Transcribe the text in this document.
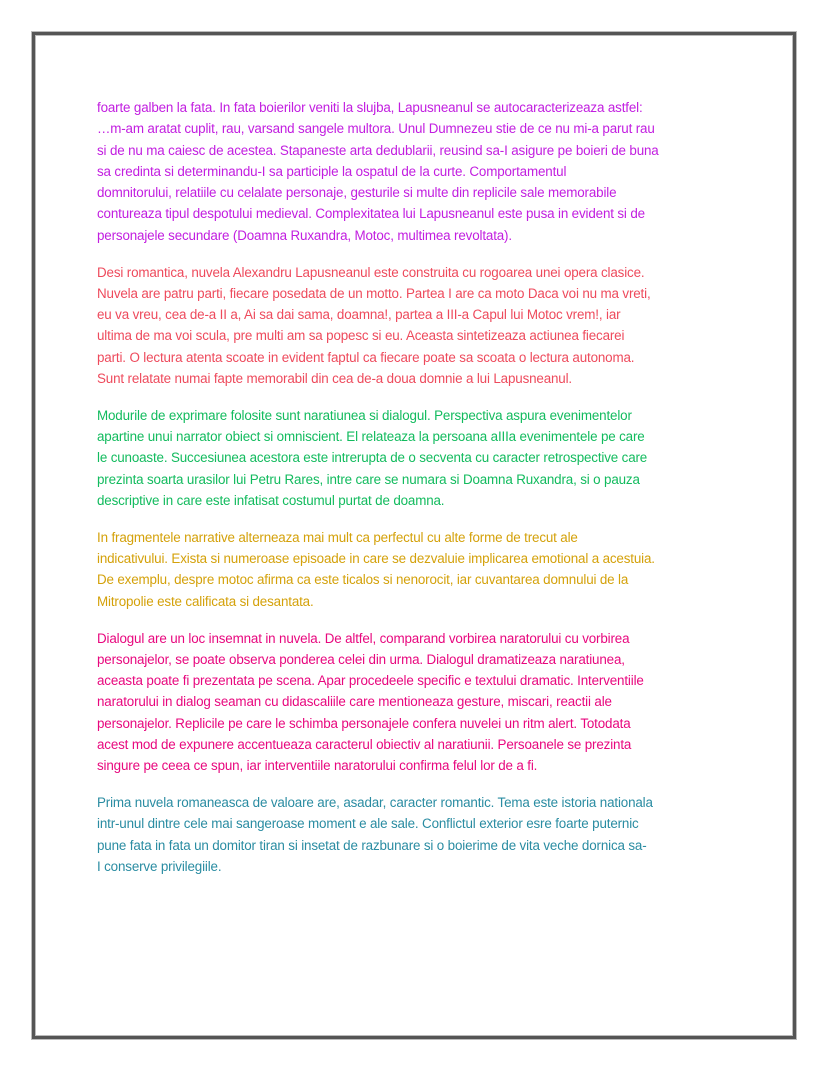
foarte galben la fata. In fata boierilor veniti la slujba, Lapusneanul se autocaracterizeaza astfel:
…m-am aratat cuplit, rau, varsand sangele multora. Unul Dumnezeu stie de ce nu mi-a parut rau
si de nu ma caiesc de acestea. Stapaneste arta dedublarii, reusind sa-I asigure pe boieri de buna
sa credinta si determinandu-I sa participle la ospatul de la curte. Comportamentul
domnitorului, relatiile cu celalate personaje, gesturile si multe din replicile sale memorabile
contureaza tipul despotului medieval. Complexitatea lui Lapusneanul este pusa in evident si de
personajele secundare (Doamna Ruxandra, Motoc, multimea revoltata).

Desi romantica, nuvela Alexandru Lapusneanul este construita cu rogoarea unei opera clasice.
Nuvela are patru parti, fiecare posedata de un motto. Partea I are ca moto Daca voi nu ma vreti,
eu va vreu, cea de-a II a, Ai sa dai sama, doamna!, partea a III-a Capul lui Motoc vrem!, iar
ultima de ma voi scula, pre multi am sa popesc si eu. Aceasta sintetizeaza actiunea fiecarei
parti. O lectura atenta scoate in evident faptul ca fiecare poate sa scoata o lectura autonoma.
Sunt relatate numai fapte memorabil din cea de-a doua domnie a lui Lapusneanul.

Modurile de exprimare folosite sunt naratiunea si dialogul. Perspectiva aspura evenimentelor
apartine unui narrator obiect si omniscient. El relateaza la persoana aIIIa evenimentele pe care
le cunoaste. Succesiunea acestora este intrerupta de o secventa cu caracter retrospective care
prezinta soarta urasilor lui Petru Rares, intre care se numara si Doamna Ruxandra, si o pauza
descriptive in care este infatisat costumul purtat de doamna.

In fragmentele narrative alterneaza mai mult ca perfectul cu alte forme de trecut ale
indicativului. Exista si numeroase episoade in care se dezvaluie implicarea emotional a acestuia.
De exemplu, despre motoc afirma ca este ticalos si nenorocit, iar cuvantarea domnului de la
Mitropolie este calificata si desantata.

Dialogul are un loc insemnat in nuvela. De altfel, comparand vorbirea naratorului cu vorbirea
personajelor, se poate observa ponderea celei din urma. Dialogul dramatizeaza naratiunea,
aceasta poate fi prezentata pe scena. Apar procedeele specific e textului dramatic. Interventiile
naratorului in dialog seaman cu didascaliile care mentioneaza gesture, miscari, reactii ale
personajelor. Replicile pe care le schimba personajele confera nuvelei un ritm alert. Totodata
acest mod de expunere accentueaza caracterul obiectiv al naratiunii. Persoanele se prezinta
singure pe ceea ce spun, iar interventiile naratorului confirma felul lor de a fi.

Prima nuvela romaneasca de valoare are, asadar, caracter romantic. Tema este istoria nationala
intr-unul dintre cele mai sangeroase moment e ale sale. Conflictul exterior esre foarte puternic
pune fata in fata un domitor tiran si insetat de razbunare si o boierime de vita veche dornica sa-
I conserve privilegiile.
